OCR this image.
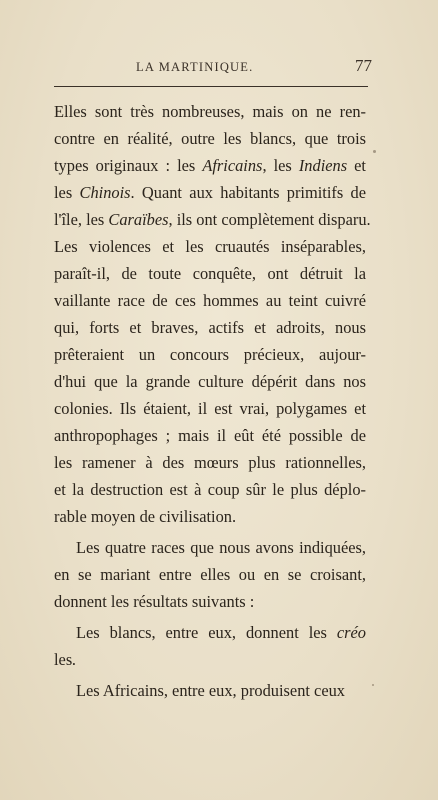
LA MARTINIQUE.	77

Elles sont très nombreuses, mais on ne ren-
contre en réalité, outre les blancs, que trois
types originaux : les Africains, les Indiens et
les Chinois. Quant aux habitants primitifs de
l'île, les Caraïbes, ils ont complètement disparu.
Les violences et les cruautés inséparables,
paraît-il, de toute conquête, ont détruit la
vaillante race de ces hommes au teint cuivré
qui, forts et braves, actifs et adroits, nous
prêteraient un concours précieux, aujour-
d'hui que la grande culture dépérit dans nos
colonies. Ils étaient, il est vrai, polygames et
anthropophages ; mais il eût été possible de
les ramener à des mœurs plus rationnelles,
et la destruction est à coup sûr le plus déplo-
rable moyen de civilisation.

Les quatre races que nous avons indiquées,
en se mariant entre elles ou en se croisant,
donnent les résultats suivants :

Les blancs, entre eux, donnent les créo
les.

Les Africains, entre eux, produisent ceux
